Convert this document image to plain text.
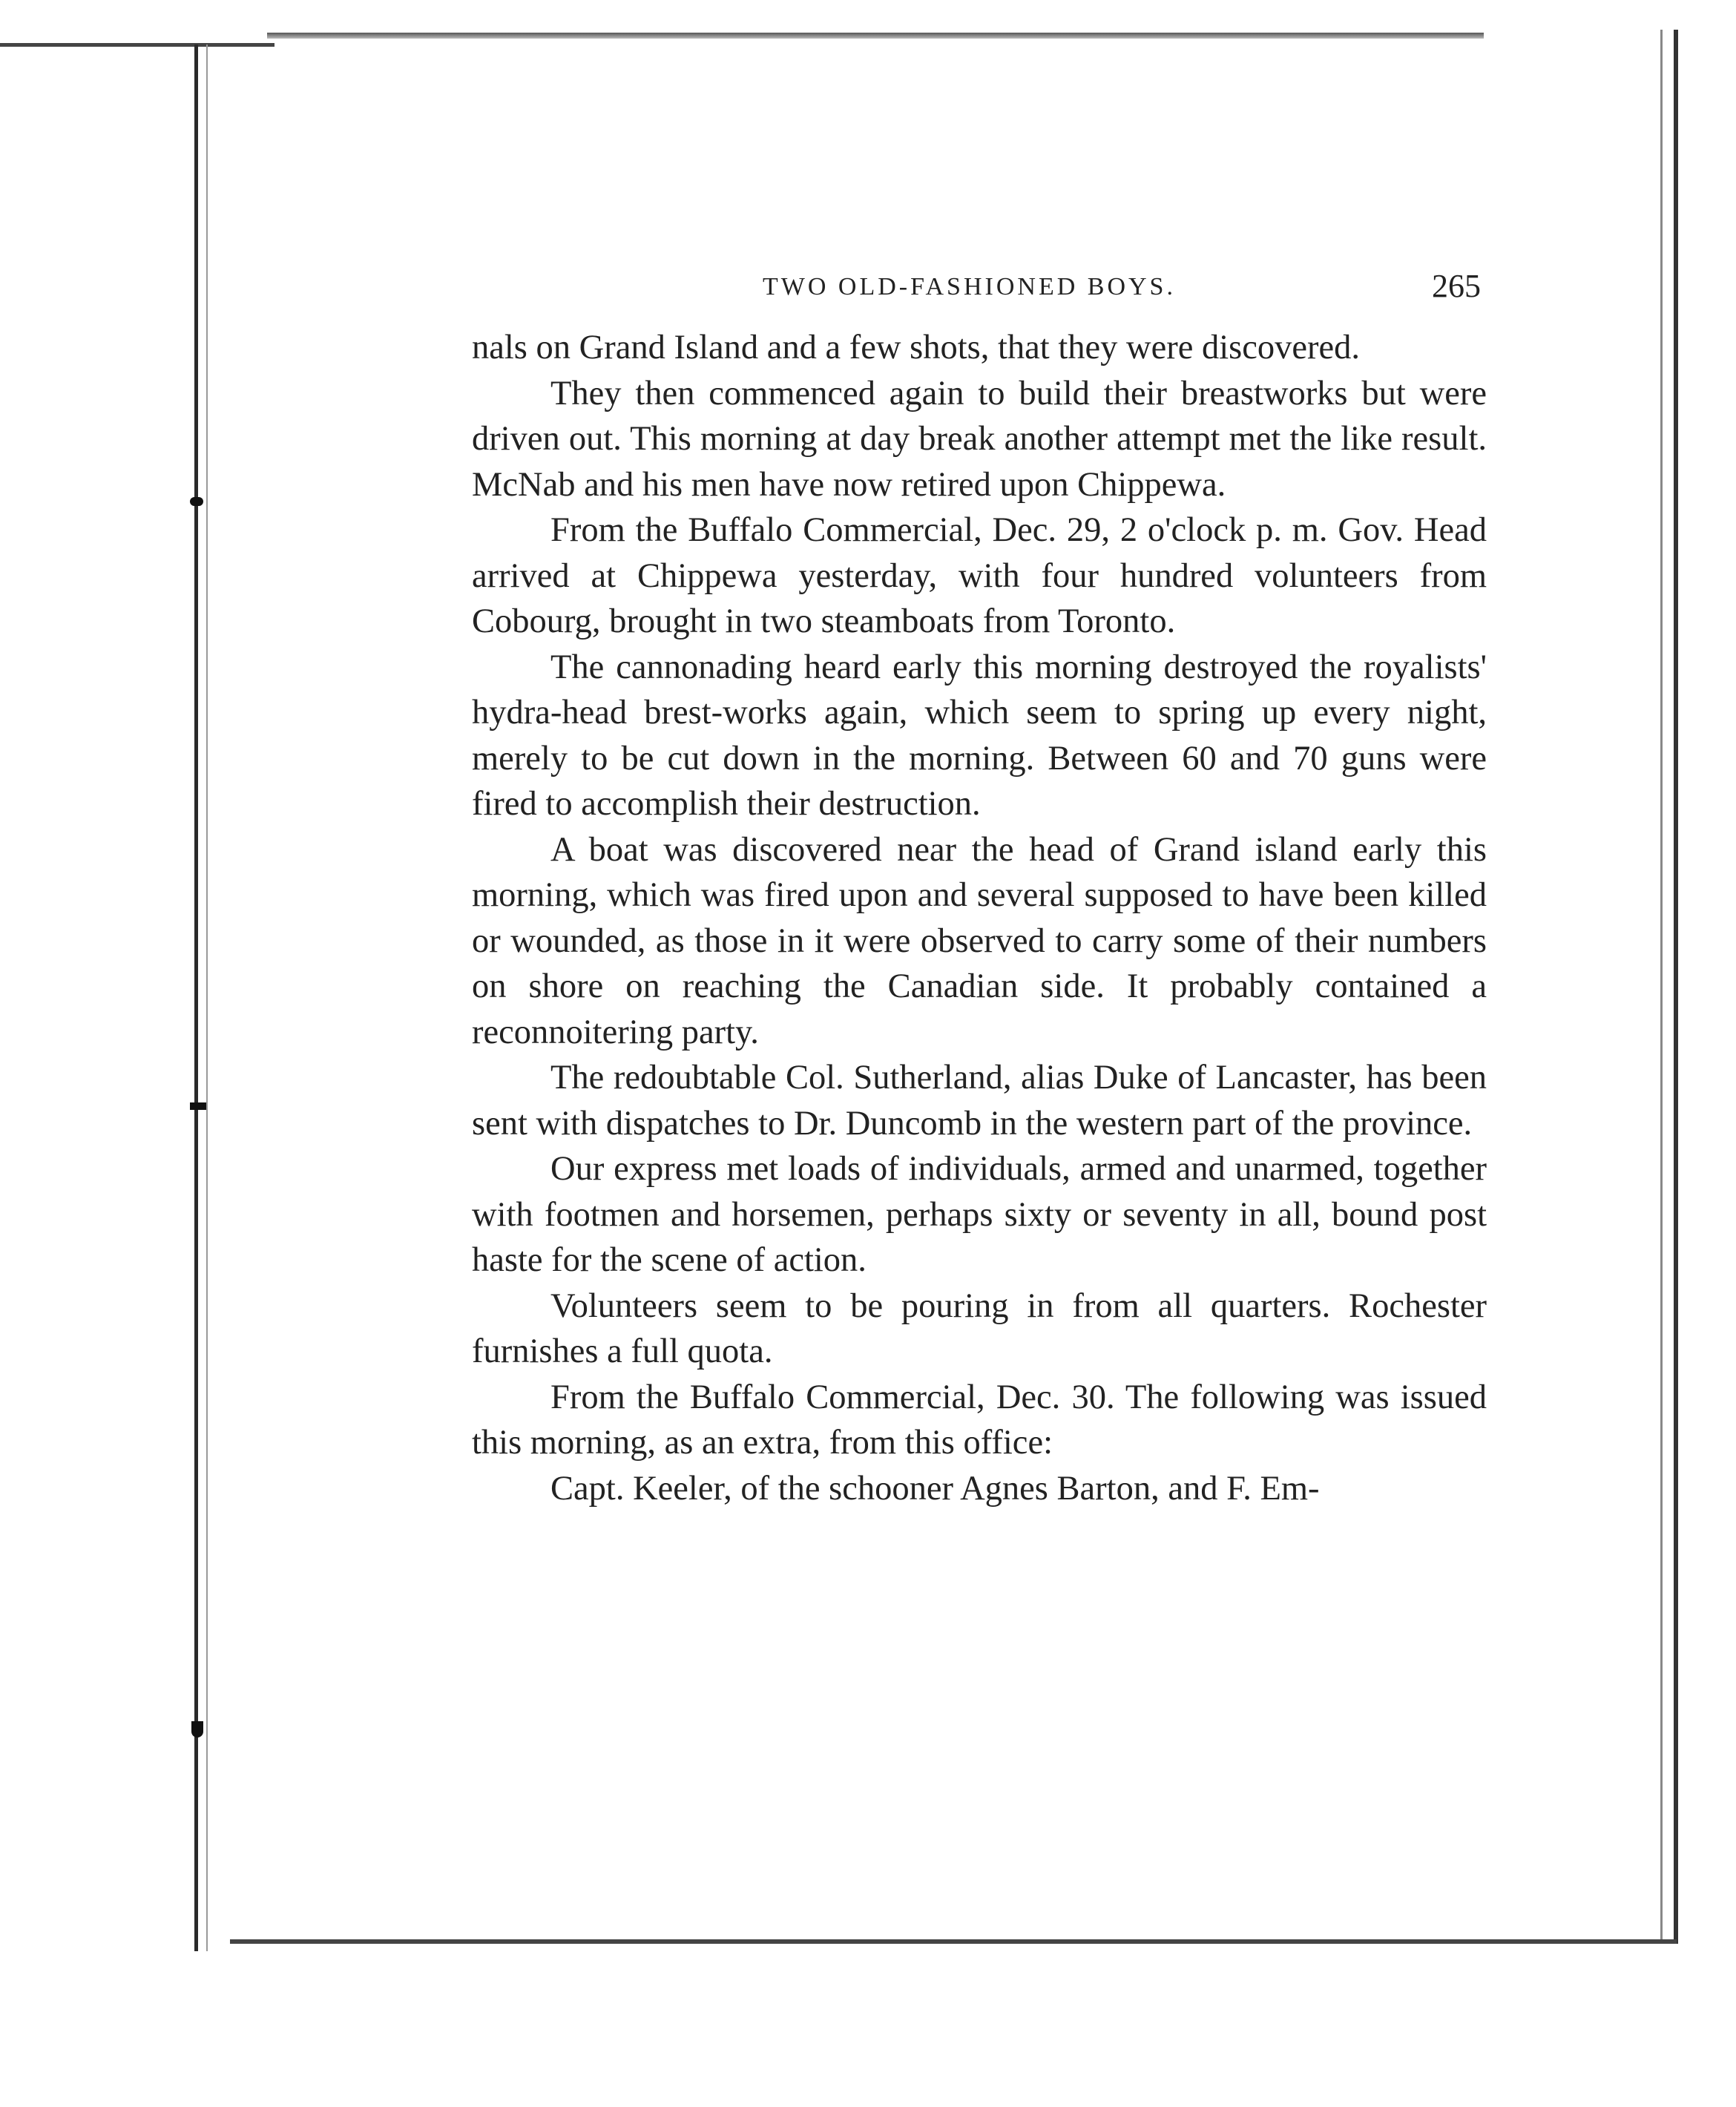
TWO OLD-FASHIONED BOYS.	265

nals on Grand Island and a few shots, that they were discovered.

They then commenced again to build their breastworks but were driven out. This morning at day break another attempt met the like result. McNab and his men have now retired upon Chippewa.

From the Buffalo Commercial, Dec. 29, 2 o'clock p. m. Gov. Head arrived at Chippewa yesterday, with four hundred volunteers from Cobourg, brought in two steamboats from Toronto.

The cannonading heard early this morning destroyed the royalists' hydra-head brest-works again, which seem to spring up every night, merely to be cut down in the morning. Between 60 and 70 guns were fired to accomplish their destruction.

A boat was discovered near the head of Grand island early this morning, which was fired upon and several supposed to have been killed or wounded, as those in it were observed to carry some of their numbers on shore on reaching the Canadian side. It probably contained a reconnoitering party.

The redoubtable Col. Sutherland, alias Duke of Lancaster, has been sent with dispatches to Dr. Duncomb in the western part of the province.

Our express met loads of individuals, armed and unarmed, together with footmen and horsemen, perhaps sixty or seventy in all, bound post haste for the scene of action.

Volunteers seem to be pouring in from all quarters. Rochester furnishes a full quota.

From the Buffalo Commercial, Dec. 30. The following was issued this morning, as an extra, from this office:

Capt. Keeler, of the schooner Agnes Barton, and F. Em-
